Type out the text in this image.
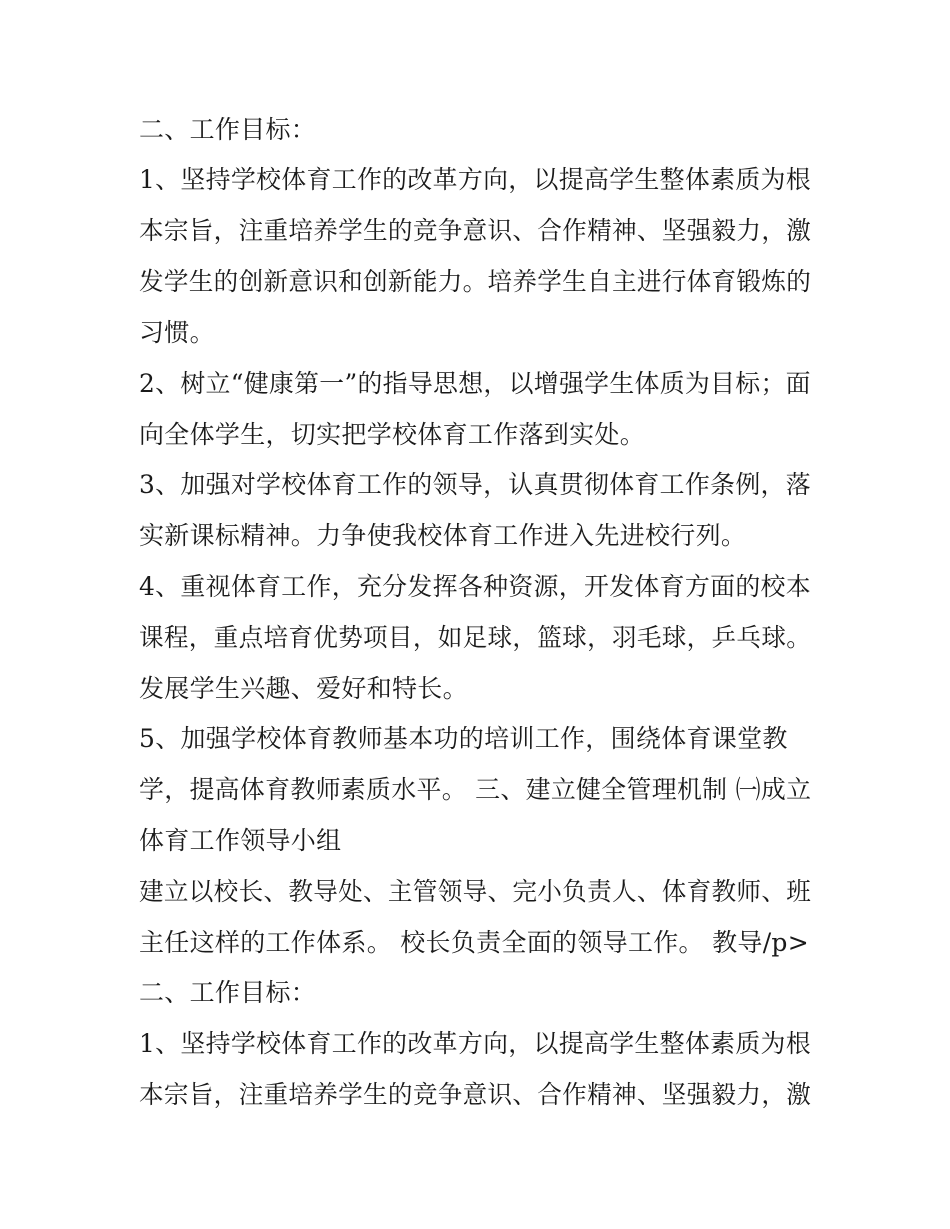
二、工作目标：
1、坚持学校体育工作的改革方向，以提高学生整体素质为根
本宗旨，注重培养学生的竞争意识、合作精神、坚强毅力，激
发学生的创新意识和创新能力。培养学生自主进行体育锻炼的
习惯。
2、树立“健康第一”的指导思想，以增强学生体质为目标；面
向全体学生，切实把学校体育工作落到实处。
3、加强对学校体育工作的领导，认真贯彻体育工作条例，落
实新课标精神。力争使我校体育工作进入先进校行列。
4、重视体育工作，充分发挥各种资源，开发体育方面的校本
课程，重点培育优势项目，如足球，篮球，羽毛球，乒乓球。
发展学生兴趣、爱好和特长。
5、加强学校体育教师基本功的培训工作，围绕体育课堂教
学，提高体育教师素质水平。 三、建立健全管理机制 ㈠成立
体育工作领导小组
建立以校长、教导处、主管领导、完小负责人、体育教师、班
主任这样的工作体系。 校长负责全面的领导工作。 教导/p>
二、工作目标：
1、坚持学校体育工作的改革方向，以提高学生整体素质为根
本宗旨，注重培养学生的竞争意识、合作精神、坚强毅力，激
